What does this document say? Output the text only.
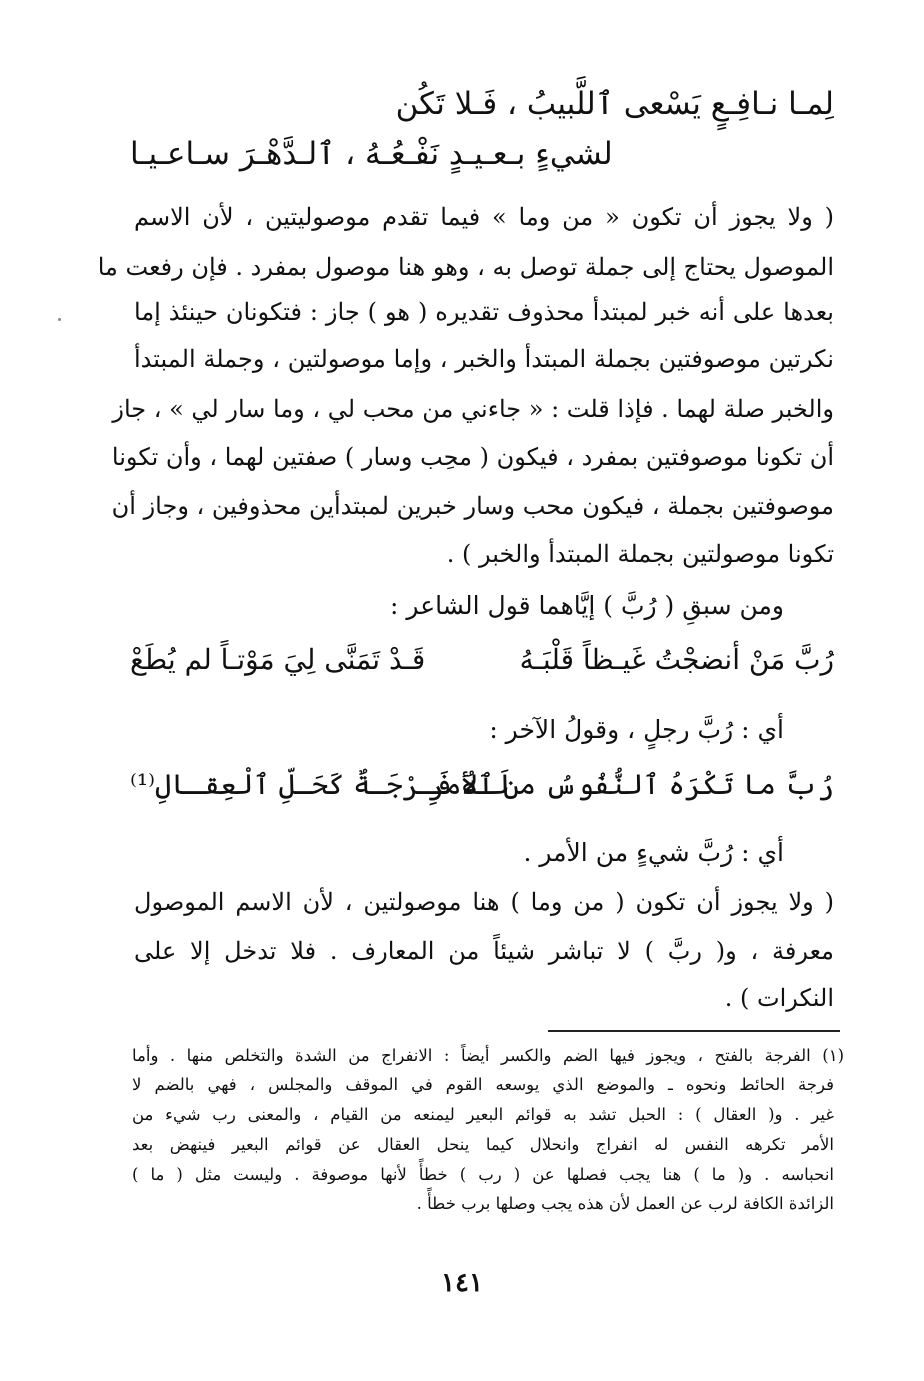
لِمـا نـافِـعٍ يَسْعى ٱللَّبيبُ ، فَـلا تَكُن
لشيءٍ بـعـيـدٍ نَفْـعُـهُ ، ٱلـدَّهْـرَ سـاعـيـا
( ولا يجوز أن تكون « من وما » فيما تقدم موصوليتين ، لأن الاسم
الموصول يحتاج إلى جملة توصل به ، وهو هنا موصول بمفرد . فإن رفعت ما
بعدها على أنه خبر لمبتدأ محذوف تقديره ( هو ) جاز : فتكونان حينئذ إما
نكرتين موصوفتين بجملة المبتدأ والخبر ، وإما موصولتين ، وجملة المبتدأ
والخبر صلة لهما . فإذا قلت : « جاءني من محب لي ، وما سار لي » ، جاز
أن تكونا موصوفتين بمفرد ، فيكون ( محِب وسار ) صفتين لهما ، وأن تكونا
موصوفتين بجملة ، فيكون محب وسار خبرين لمبتدأين محذوفين ، وجاز أن
تكونا موصولتين بجملة المبتدأ والخبر ) .
ومن سبقِ ( رُبَّ ) إيَّاهما قول الشاعر :
رُبَّ مَنْ أنضجْتُ غَيـظاً قَلْبَـهُ
قَـدْ تَمَنَّى لِيَ مَوْتـاً لم يُطَعْ
أي : رُبَّ رجلٍ ، وقولُ الآخر :
رُبَّ ما تَكْرَهُ ٱلنُّفُوسُ من ٱلأمرِ
لَـهُ فَـرْجَـةٌ كَحَـلِّ ٱلْعِقـالِ⁽¹⁾
أي : رُبَّ شيءٍ من الأمر .
( ولا يجوز أن تكون ( من وما ) هنا موصولتين ، لأن الاسم الموصول
معرفة ، و( ربَّ ) لا تباشر شيئاً من المعارف . فلا تدخل إلا على
النكرات ) .
(١) الفرجة بالفتح ، ويجوز فيها الضم والكسر أيضاً : الانفراج من الشدة والتخلص منها . وأما
فرجة الحائط ونحوه ـ والموضع الذي يوسعه القوم في الموقف والمجلس ، فهي بالضم لا
غير . و( العقال ) : الحبل تشد به قوائم البعير ليمنعه من القيام ، والمعنى رب شيء من
الأمر تكرهه النفس له انفراج وانحلال كيما ينحل العقال عن قوائم البعير فينهض بعد
انحباسه . و( ما ) هنا يجب فصلها عن ( رب ) خطأً لأنها موصوفة . وليست مثل ( ما )
الزائدة الكافة لرب عن العمل لأن هذه يجب وصلها برب خطأً .
١٤١
